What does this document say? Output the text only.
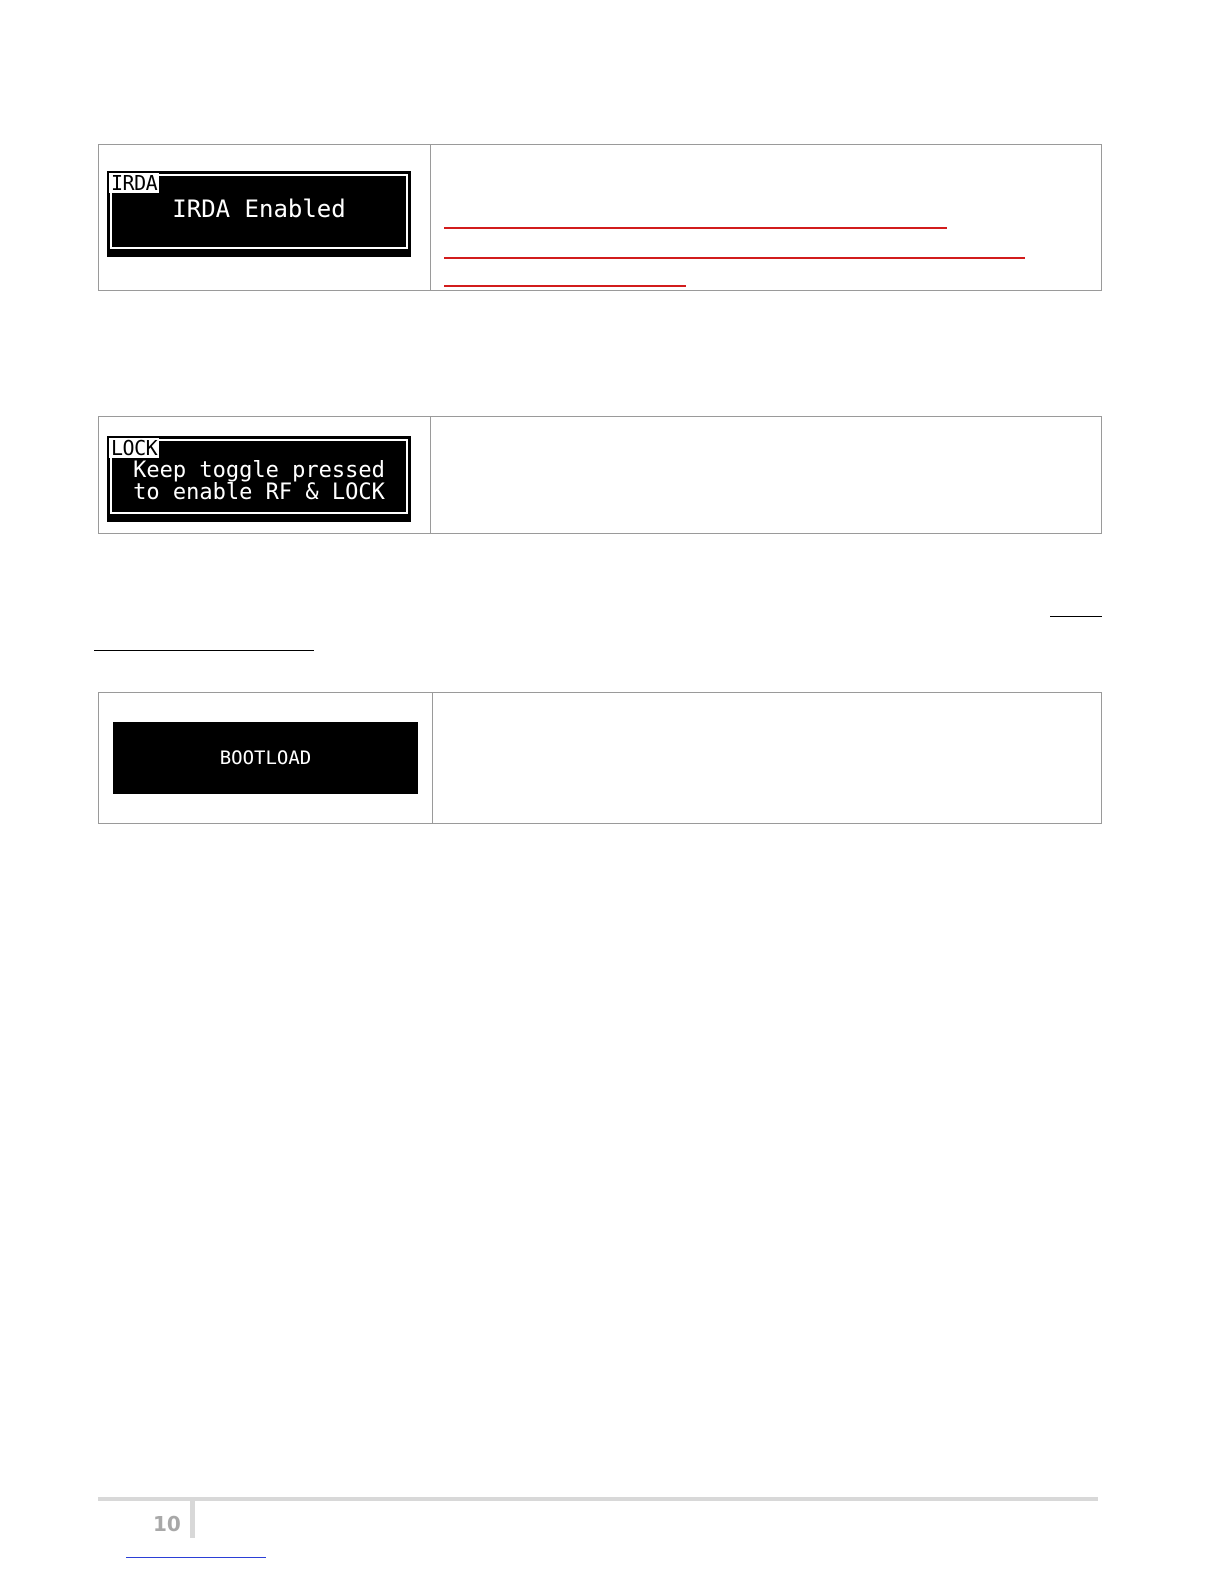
IRDA
IRDA Enabled
LOCK
Keep toggle pressed
to enable RF & LOCK
BOOTLOAD
10
